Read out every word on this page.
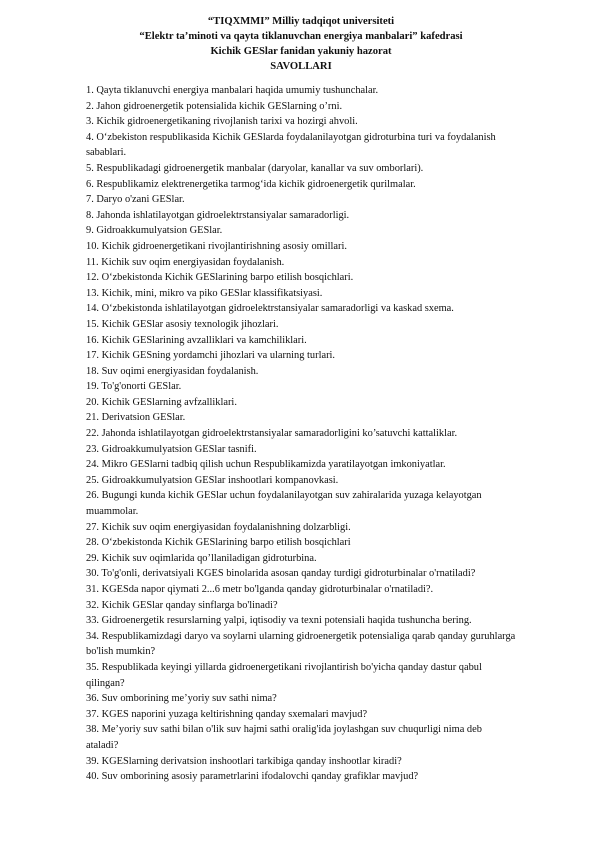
“TIQXMMI” Milliy tadqiqot universiteti
“Elektr ta’minoti va qayta tiklanuvchan energiya manbalari” kafedrasi
Kichik GESlar fanidan yakuniy hazorat
SAVOLLARI
1. Qayta tiklanuvchi energiya manbalari haqida umumiy tushunchalar.
2. Jahon gidroenergetik potensialida kichik GESlarning o’rni.
3. Kichik gidroenergetikaning rivojlanish tarixi va hozirgi ahvoli.
4. O‘zbekiston respublikasida Kichik GESlarda foydalanilayotgan gidroturbina turi va foydalanish sabablari.
5. Respublikadagi gidroenergetik manbalar (daryolar, kanallar va suv omborlari).
6. Respublikamiz elektrenergetika tarmog‘ida kichik gidroenergetik qurilmalar.
7. Daryo o'zani GESlar.
8. Jahonda ishlatilayotgan gidroelektrstansiyalar samaradorligi.
9. Gidroakkumulyatsion GESlar.
10. Kichik gidroenergetikani rivojlantirishning asosiy omillari.
11. Kichik suv oqim energiyasidan foydalanish.
12. O‘zbekistonda Kichik GESlarining barpo etilish bosqichlari.
13. Kichik, mini, mikro va piko GESlar klassifikatsiyasi.
14. O‘zbekistonda ishlatilayotgan gidroelektrstansiyalar samaradorligi va kaskad sxema.
15. Kichik GESlar asosiy texnologik jihozlari.
16. Kichik GESlarining avzalliklari va kamchiliklari.
17. Kichik GESning yordamchi jihozlari va ularning turlari.
18. Suv oqimi energiyasidan foydalanish.
19. To'g'onorti GESlar.
20. Kichik GESlarning avfzalliklari.
21. Derivatsion GESlar.
22. Jahonda ishlatilayotgan gidroelektrstansiyalar samaradorligini ko’satuvchi kattaliklar.
23. Gidroakkumulyatsion GESlar tasnifi.
24. Mikro GESlarni tadbiq qilish uchun Respublikamizda yaratilayotgan imkoniyatlar.
25. Gidroakkumulyatsion GESlar inshootlari kompanovkasi.
26. Bugungi kunda kichik GESlar uchun foydalanilayotgan suv zahiralarida yuzaga kelayotgan muammolar.
27. Kichik suv oqim energiyasidan foydalanishning dolzarbligi.
28. O‘zbekistonda Kichik GESlarining barpo etilish bosqichlari
29. Kichik suv oqimlarida qo’llaniladigan gidroturbina.
30. To'g'onli, derivatsiyali KGES binolarida asosan qanday turdigi gidroturbinalar o'rnatiladi?
31. KGESda napor qiymati 2...6 metr bo'lganda qanday gidroturbinalar o'rnatiladi?.
32. Kichik GESlar qanday sinflarga bo'linadi?
33. Gidroenergetik resurslarning yalpi, iqtisodiy va texni potensiali haqida tushuncha bering.
34. Respublikamizdagi daryo va soylarni ularning gidroenergetik potensialiga qarab qanday guruhlarga bo'lish mumkin?
35. Respublikada keyingi yillarda gidroenergetikani rivojlantirish bo'yicha qanday dastur qabul qilingan?
36. Suv omborining me’yoriy suv sathi nima?
37. KGES naporini yuzaga keltirishning qanday sxemalari mavjud?
38. Me’yoriy suv sathi bilan o'lik suv hajmi sathi oralig'ida joylashgan suv chuqurligi nima deb ataladi?
39. KGESlarning derivatsion inshootlari tarkibiga qanday inshootlar kiradi?
40. Suv omborining asosiy parametrlarini ifodalovchi qanday grafiklar mavjud?
